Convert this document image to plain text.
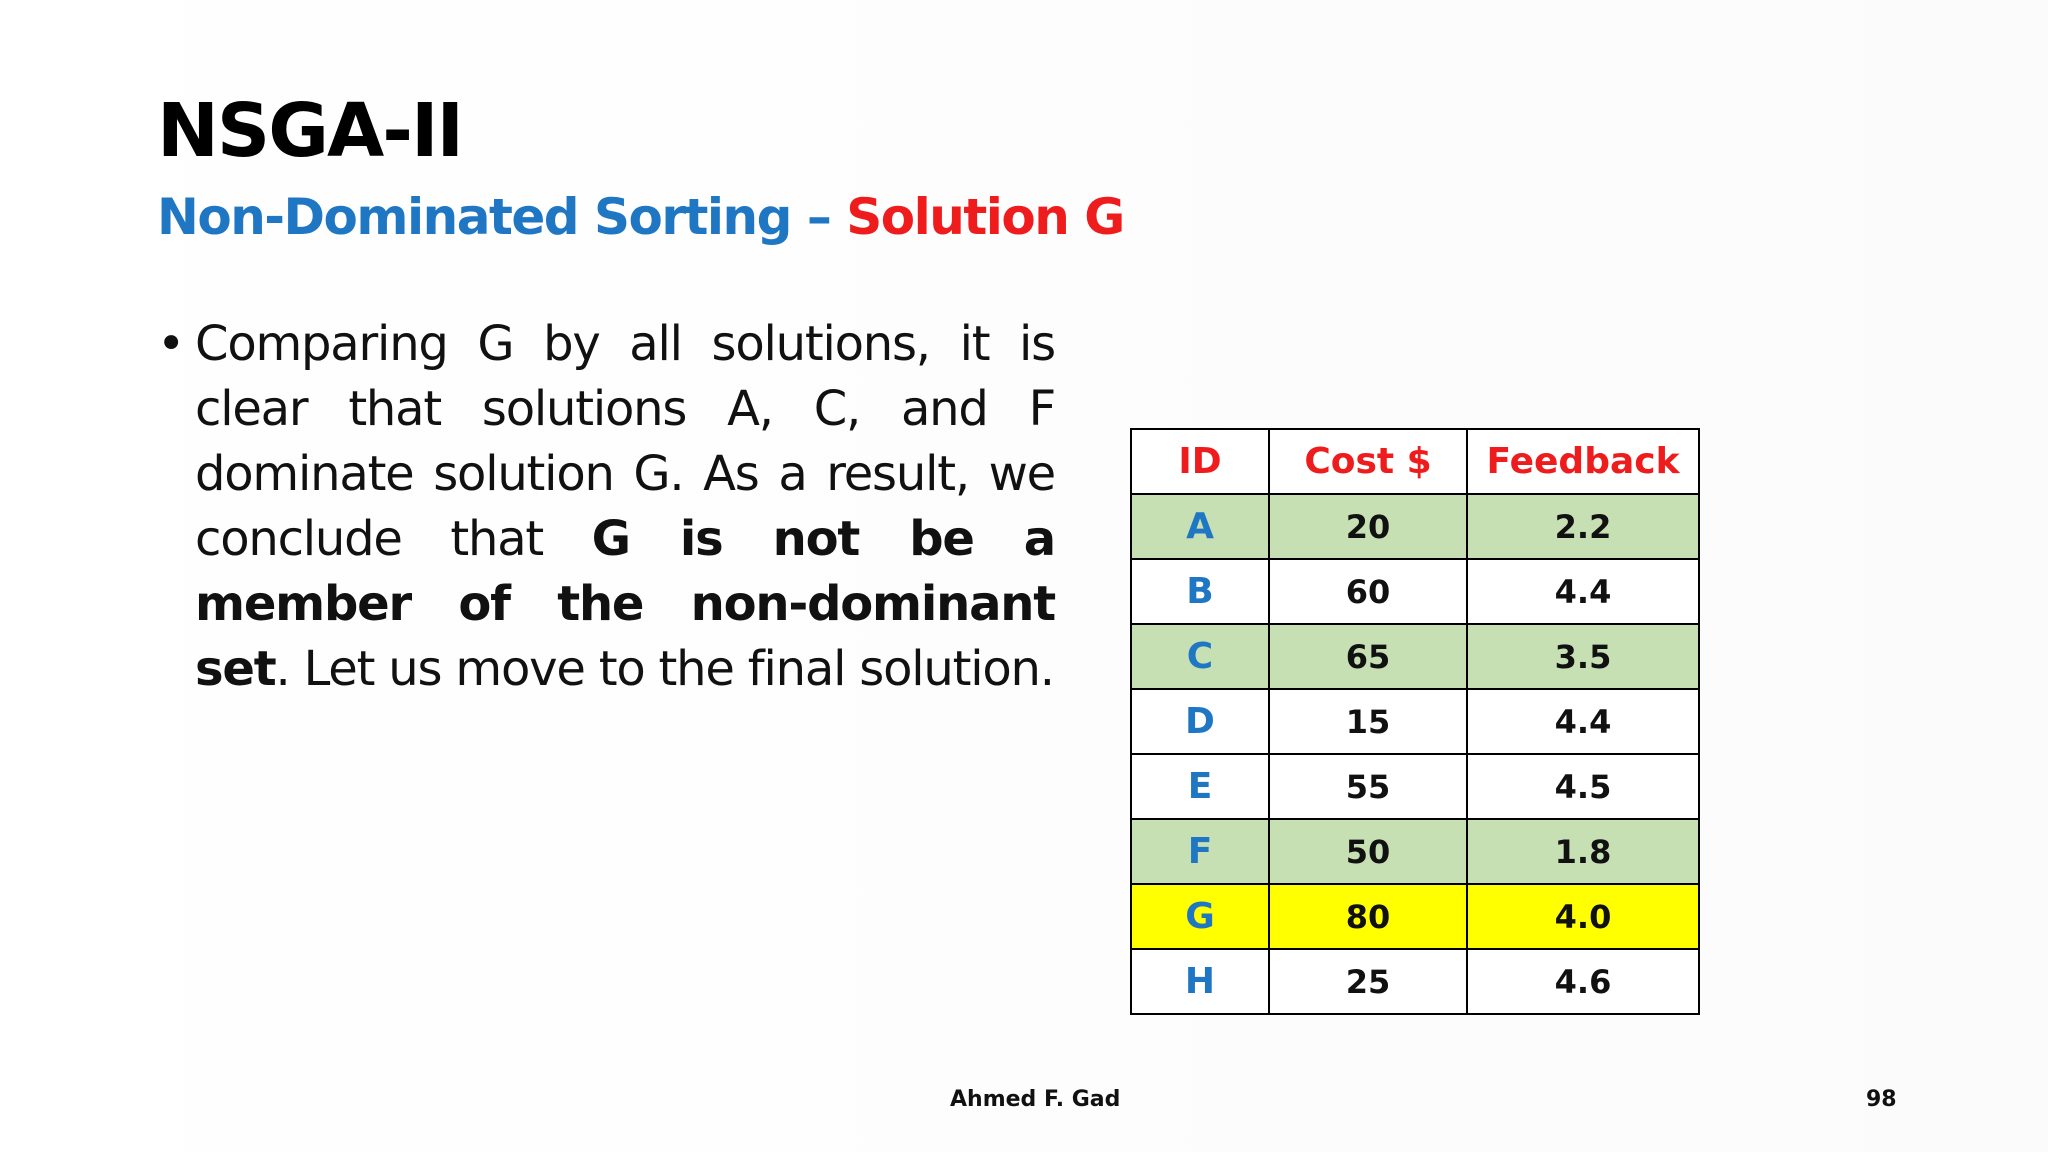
NSGA-II
Non-Dominated Sorting – Solution G
• Comparing G by all solutions, it is clear that solutions A, C, and F dominate solution G. As a result, we conclude that G is not be a member of the non-dominant set. Let us move to the final solution.
ID	Cost $	Feedback
A	20	2.2
B	60	4.4
C	65	3.5
D	15	4.4
E	55	4.5
F	50	1.8
G	80	4.0
H	25	4.6
Ahmed F. Gad	98
